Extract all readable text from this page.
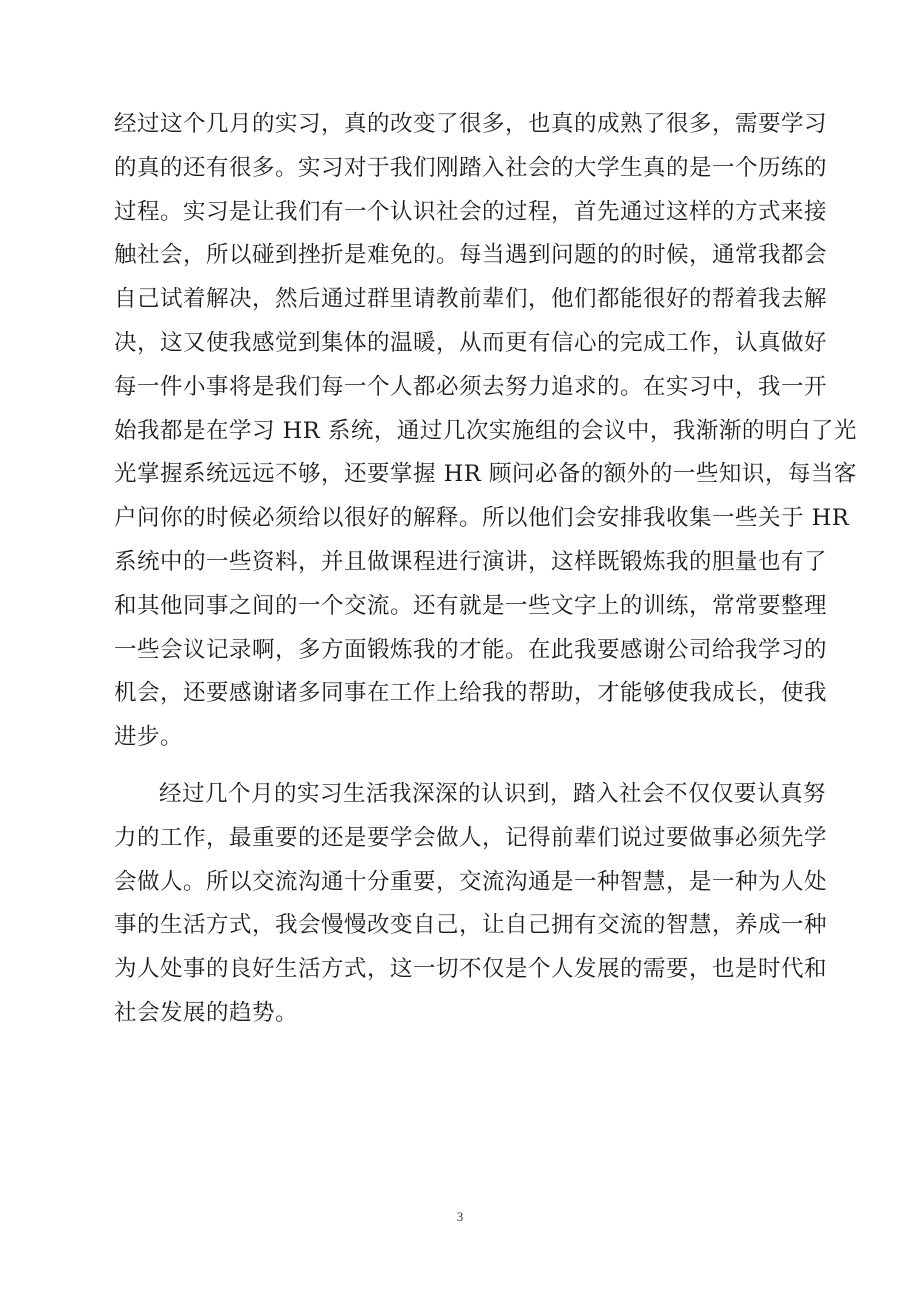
经过这个几月的实习，真的改变了很多，也真的成熟了很多，需要学习
的真的还有很多。实习对于我们刚踏入社会的大学生真的是一个历练的
过程。实习是让我们有一个认识社会的过程，首先通过这样的方式来接
触社会，所以碰到挫折是难免的。每当遇到问题的的时候，通常我都会
自己试着解决，然后通过群里请教前辈们，他们都能很好的帮着我去解
决，这又使我感觉到集体的温暖，从而更有信心的完成工作，认真做好
每一件小事将是我们每一个人都必须去努力追求的。在实习中，我一开
始我都是在学习 HR 系统，通过几次实施组的会议中，我渐渐的明白了光
光掌握系统远远不够，还要掌握 HR 顾问必备的额外的一些知识，每当客
户问你的时候必须给以很好的解释。所以他们会安排我收集一些关于 HR
系统中的一些资料，并且做课程进行演讲，这样既锻炼我的胆量也有了
和其他同事之间的一个交流。还有就是一些文字上的训练，常常要整理
一些会议记录啊，多方面锻炼我的才能。在此我要感谢公司给我学习的
机会，还要感谢诸多同事在工作上给我的帮助，才能够使我成长，使我
进步。
经过几个月的实习生活我深深的认识到，踏入社会不仅仅要认真努
力的工作，最重要的还是要学会做人，记得前辈们说过要做事必须先学
会做人。所以交流沟通十分重要，交流沟通是一种智慧，是一种为人处
事的生活方式，我会慢慢改变自己，让自己拥有交流的智慧，养成一种
为人处事的良好生活方式，这一切不仅是个人发展的需要，也是时代和
社会发展的趋势。
3
